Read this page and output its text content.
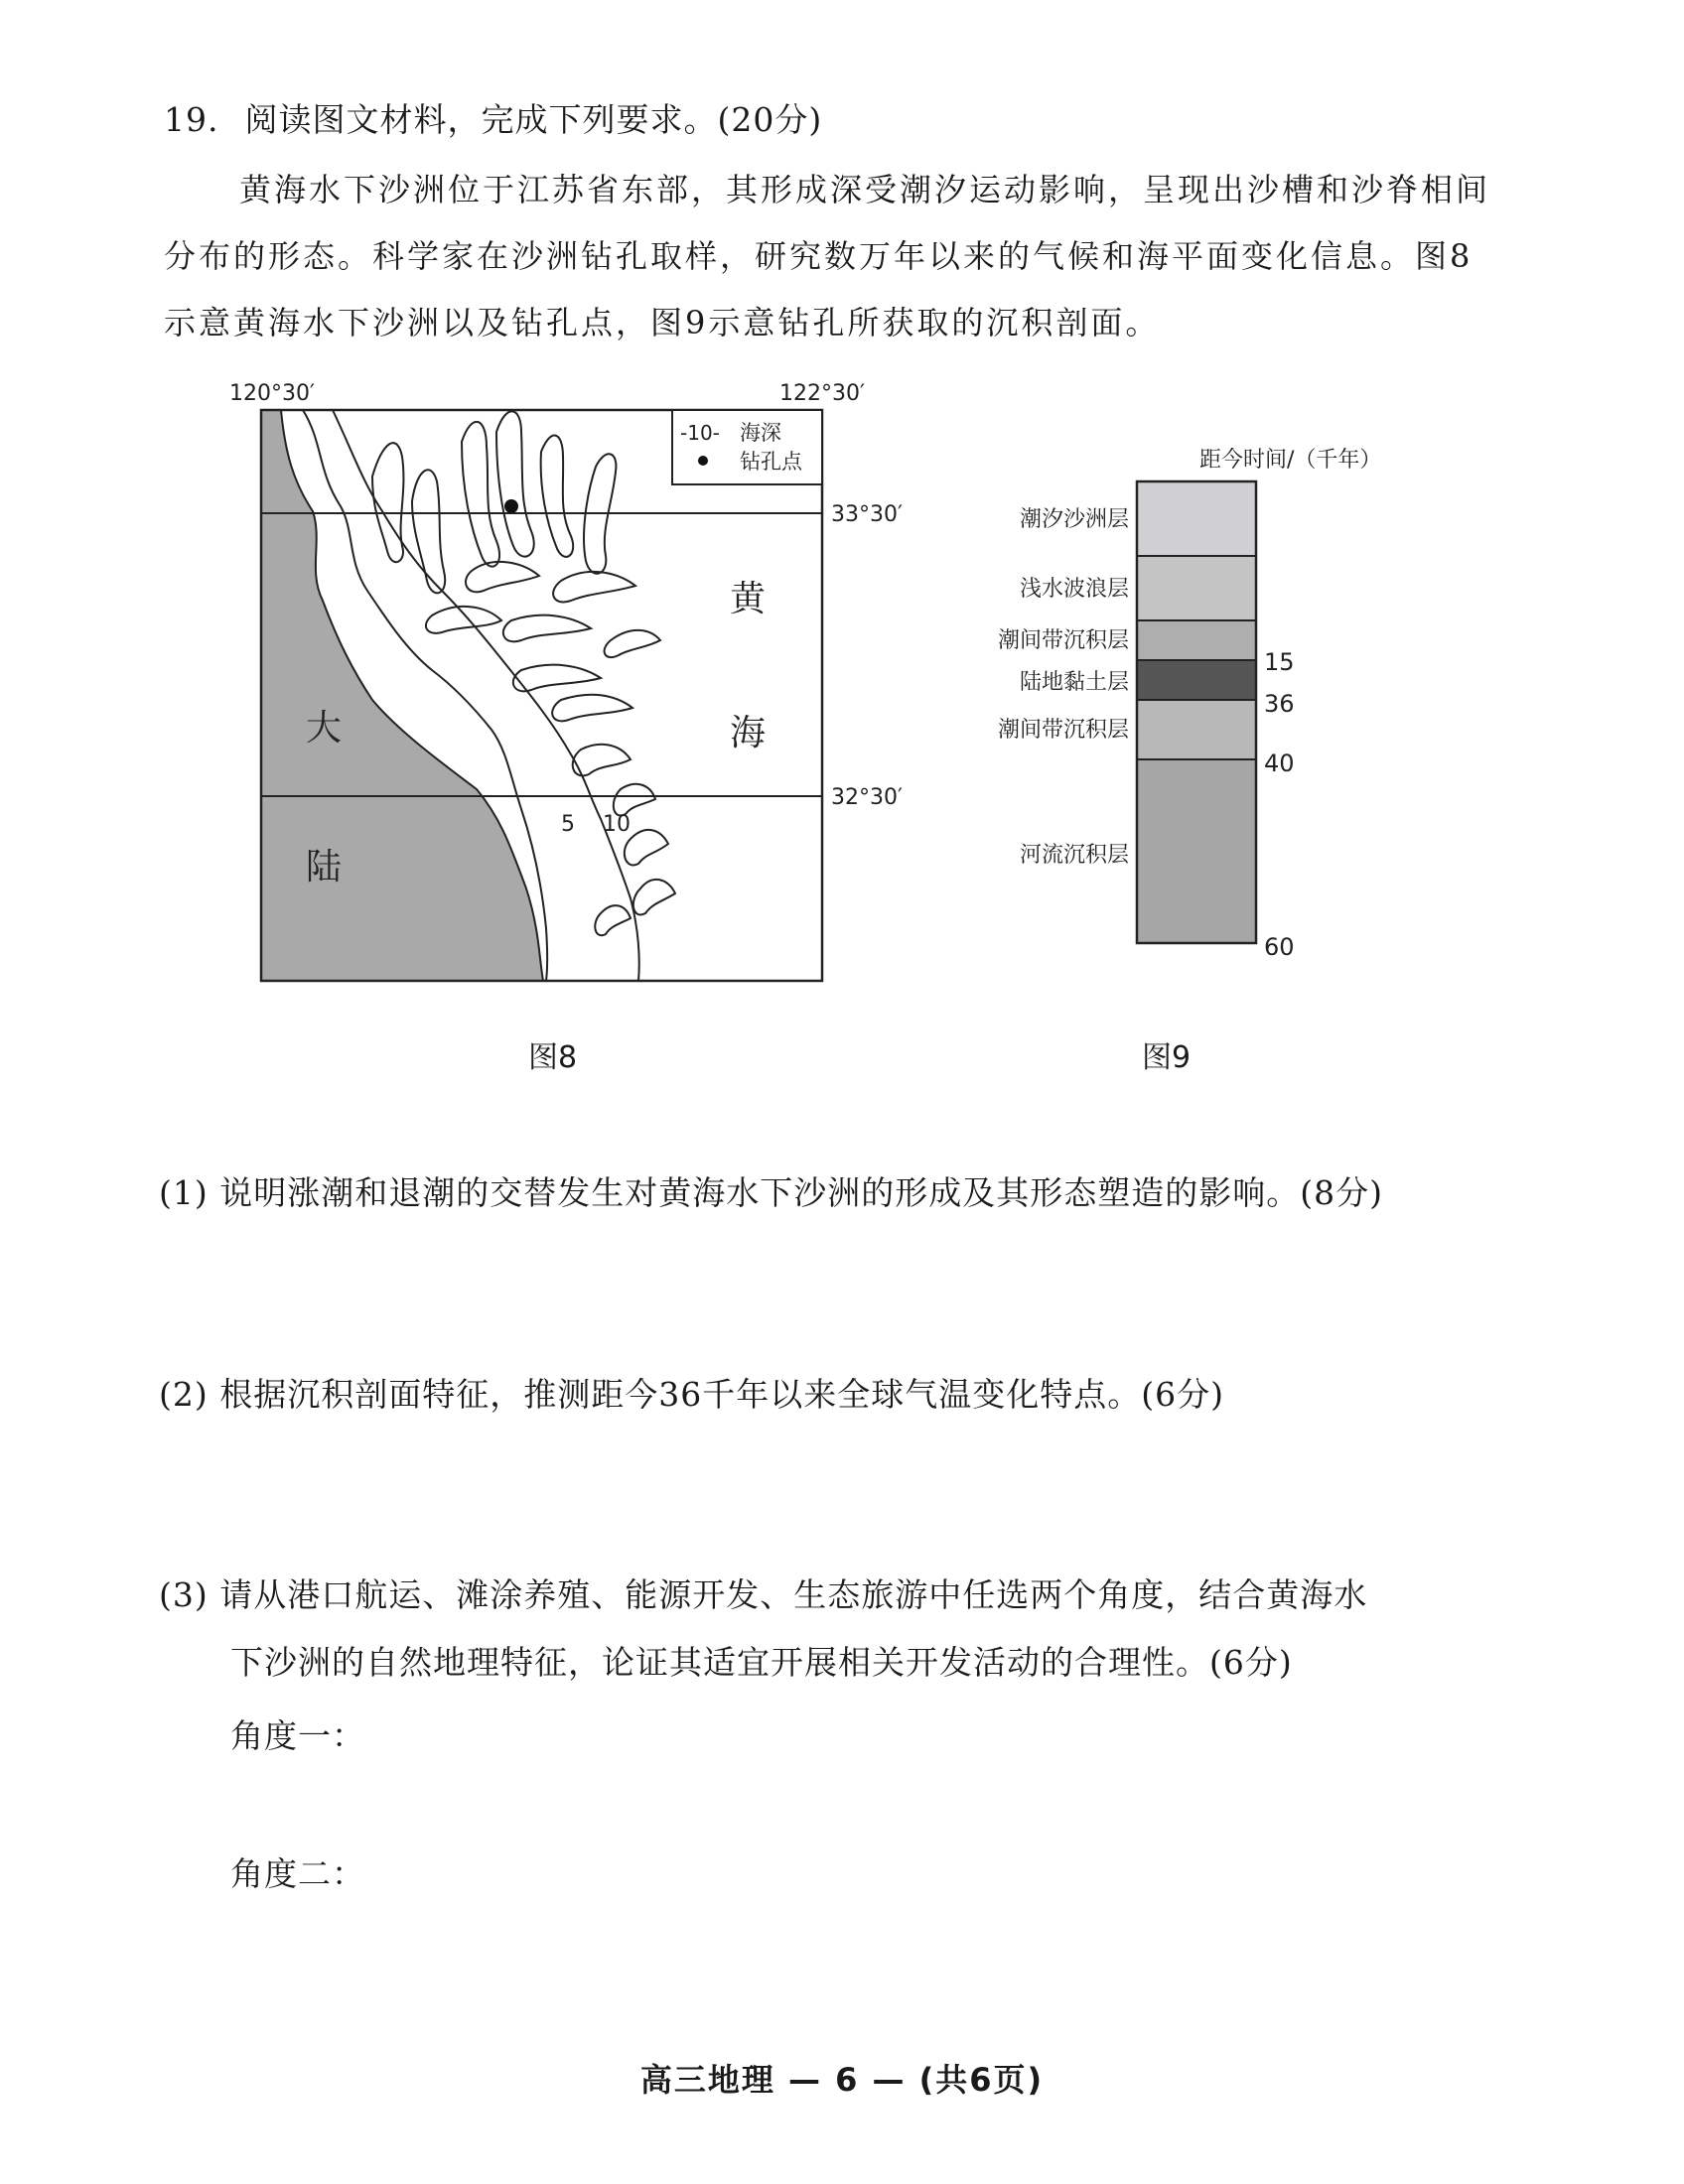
19. 阅读图文材料，完成下列要求。(20分)
黄海水下沙洲位于江苏省东部，其形成深受潮汐运动影响，呈现出沙槽和沙脊相间分布的形态。科学家在沙洲钻孔取样，研究数万年以来的气候和海平面变化信息。图8示意黄海水下沙洲以及钻孔点，图9示意钻孔所获取的沉积剖面。
120°30′	122°30′
33°30′
32°30′
-10- 海深
钻孔点
黄
海
大
陆
5 10
图8
距今时间/（千年）
潮汐沙洲层
浅水波浪层
潮间带沉积层
陆地黏土层
潮间带沉积层
河流沉积层
15
36
40
60
图9
(1) 说明涨潮和退潮的交替发生对黄海水下沙洲的形成及其形态塑造的影响。(8分)
(2) 根据沉积剖面特征，推测距今36千年以来全球气温变化特点。(6分)
(3) 请从港口航运、滩涂养殖、能源开发、生态旅游中任选两个角度，结合黄海水
下沙洲的自然地理特征，论证其适宜开展相关开发活动的合理性。(6分)
角度一：
角度二：
高三地理 — 6 — (共6页)
